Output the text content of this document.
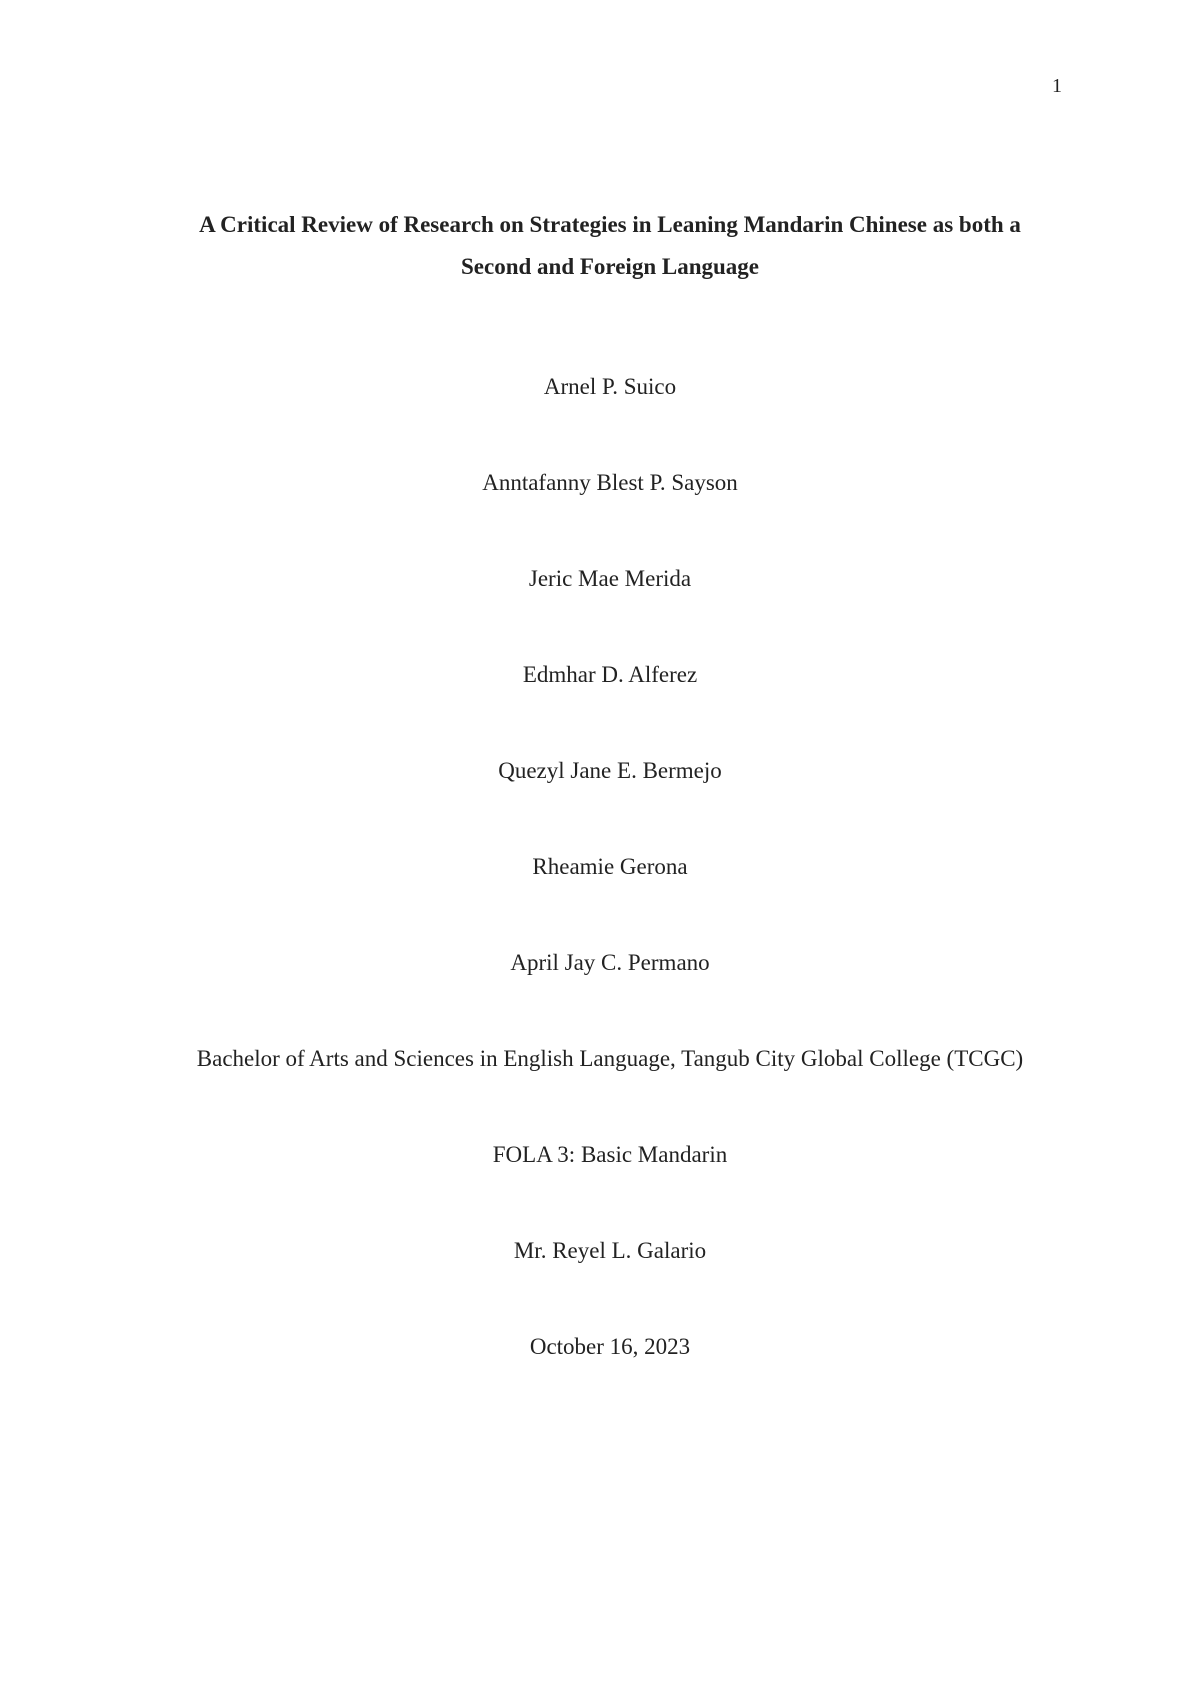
1
A Critical Review of Research on Strategies in Leaning Mandarin Chinese as both a
Second and Foreign Language
Arnel P. Suico
Anntafanny Blest P. Sayson
Jeric Mae Merida
Edmhar D. Alferez
Quezyl Jane E. Bermejo
Rheamie Gerona
April Jay C. Permano
Bachelor of Arts and Sciences in English Language, Tangub City Global College (TCGC)
FOLA 3: Basic Mandarin
Mr. Reyel L. Galario
October 16, 2023
